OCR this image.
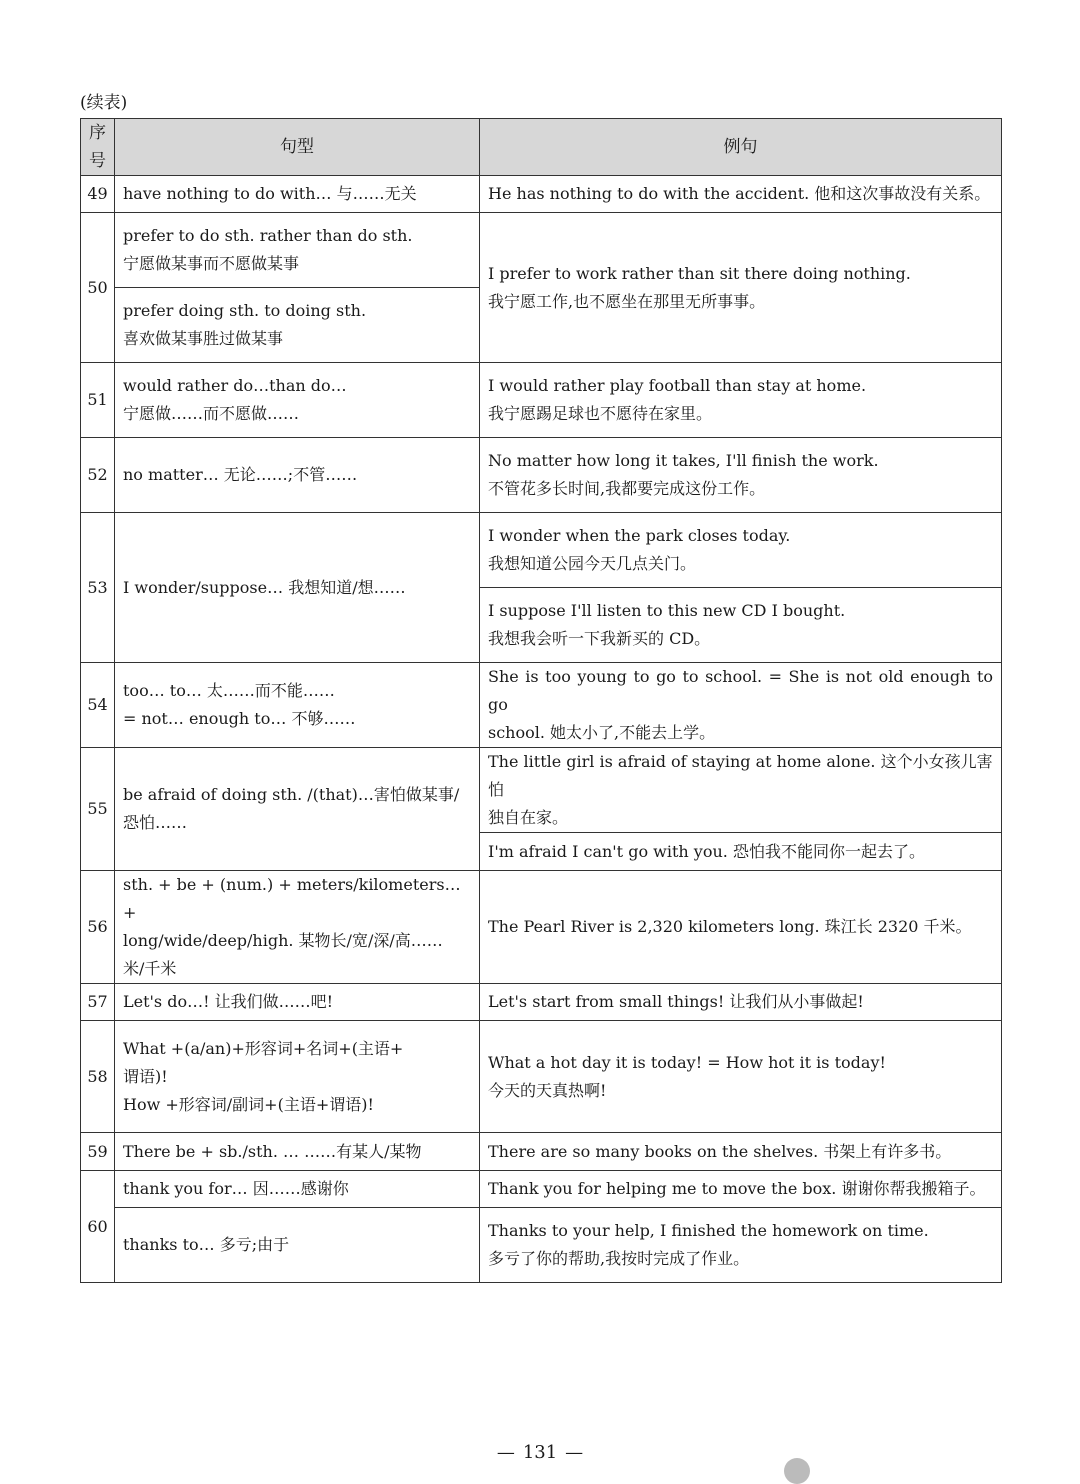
(续表)
序号	句型	例句
49	have nothing to do with… 与……无关	He has nothing to do with the accident. 他和这次事故没有关系。

50	prefer to do sth. rather than do sth.
宁愿做某事而不愿做某事	I prefer to work rather than sit there doing nothing.
我宁愿工作,也不愿坐在那里无所事事。

	prefer doing sth. to doing sth.
喜欢做某事胜过做某事	

51	would rather do…than do…
宁愿做……而不愿做……	I would rather play football than stay at home.
我宁愿踢足球也不愿待在家里。

52	no matter… 无论……;不管……	No matter how long it takes, I'll finish the work.
不管花多长时间,我都要完成这份工作。

53	I wonder/suppose… 我想知道/想……	I wonder when the park closes today.
我想知道公园今天几点关门。

		I suppose I'll listen to this new CD I bought.
我想我会听一下我新买的 CD。

54	too… to… 太……而不能……
= not… enough to… 不够……	She is too young to go to school. = She is not old enough to go
school. 她太小了,不能去上学。

55	be afraid of doing sth. /(that)…害怕做某事/
恐怕……	The little girl is afraid of staying at home alone. 这个小女孩儿害怕
独自在家。

		I'm afraid I can't go with you. 恐怕我不能同你一起去了。

56	sth. + be + (num.) + meters/kilometers… +
long/wide/deep/high. 某物长/宽/深/高……
米/千米	The Pearl River is 2,320 kilometers long. 珠江长 2320 千米。

57	Let's do…! 让我们做……吧!	Let's start from small things! 让我们从小事做起!

58	What +(a/an)+形容词+名词+(主语+
谓语)!
How +形容词/副词+(主语+谓语)!	What a hot day it is today! = How hot it is today!
今天的天真热啊!

59	There be + sb./sth. … ……有某人/某物	There are so many books on the shelves. 书架上有许多书。

60	thank you for… 因……感谢你	Thank you for helping me to move the box. 谢谢你帮我搬箱子。

	thanks to… 多亏;由于	Thanks to your help, I finished the homework on time.
多亏了你的帮助,我按时完成了作业。
— 131 —
